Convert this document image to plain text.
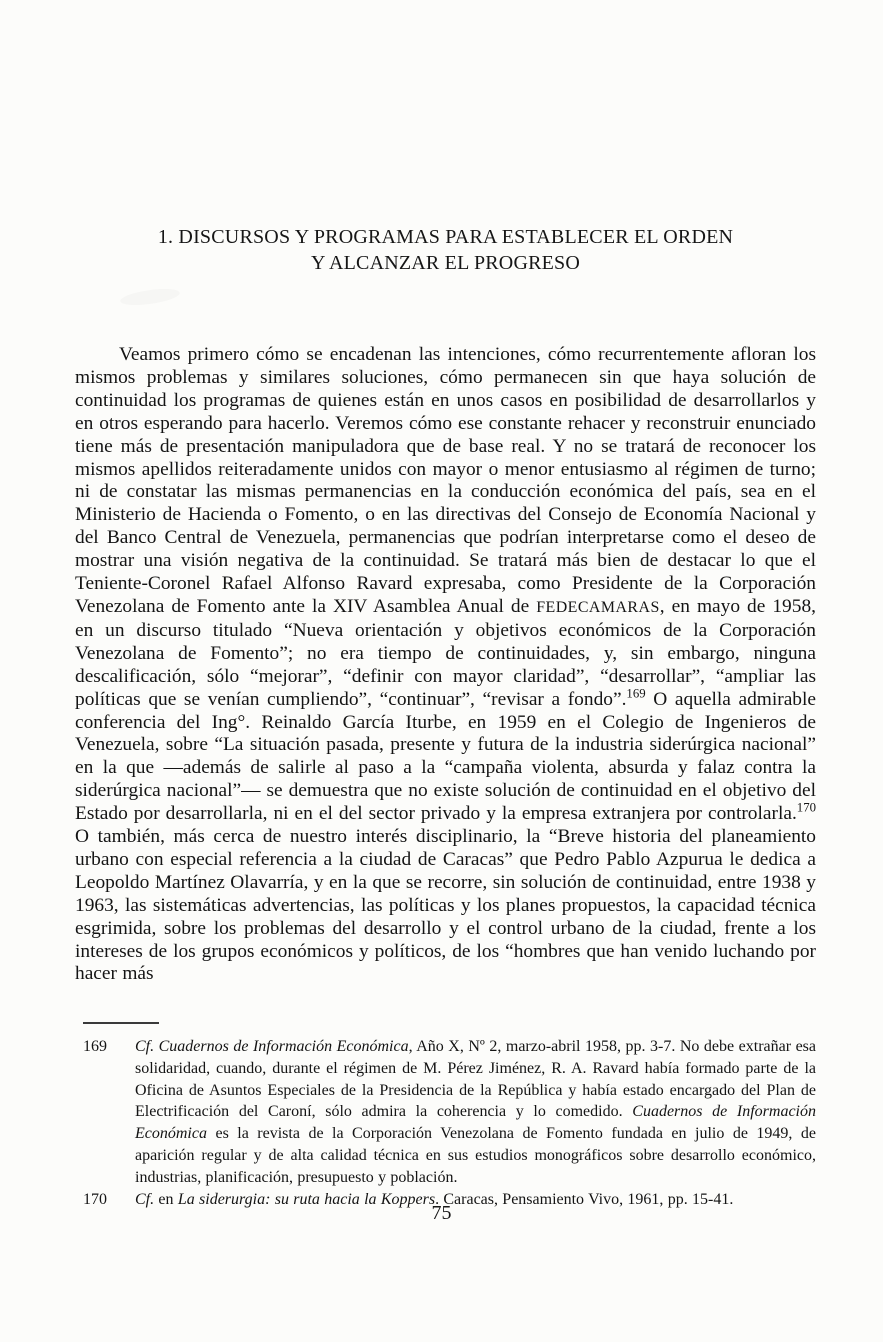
1. DISCURSOS Y PROGRAMAS PARA ESTABLECER EL ORDEN
Y ALCANZAR EL PROGRESO

Veamos primero cómo se encadenan las intenciones, cómo recurrentemente afloran los mismos problemas y similares soluciones, cómo permanecen sin que haya solución de continuidad los programas de quienes están en unos casos en posibilidad de desarrollarlos y en otros esperando para hacerlo. Veremos cómo ese constante rehacer y reconstruir enunciado tiene más de presentación manipuladora que de base real. Y no se tratará de reconocer los mismos apellidos reiteradamente unidos con mayor o menor entusiasmo al régimen de turno; ni de constatar las mismas permanencias en la conducción económica del país, sea en el Ministerio de Hacienda o Fomento, o en las directivas del Consejo de Economía Nacional y del Banco Central de Venezuela, permanencias que podrían interpretarse como el deseo de mostrar una visión negativa de la continuidad. Se tratará más bien de destacar lo que el Teniente-Coronel Rafael Alfonso Ravard expresaba, como Presidente de la Corporación Venezolana de Fomento ante la XIV Asamblea Anual de FEDECAMARAS, en mayo de 1958, en un discurso titulado “Nueva orientación y objetivos económicos de la Corporación Venezolana de Fomento”; no era tiempo de continuidades, y, sin embargo, ninguna descalificación, sólo “mejorar”, “definir con mayor claridad”, “desarrollar”, “ampliar las políticas que se venían cumpliendo”, “continuar”, “revisar a fondo”.$^{169}$ O aquella admirable conferencia del Ing°. Reinaldo García Iturbe, en 1959 en el Colegio de Ingenieros de Venezuela, sobre “La situación pasada, presente y futura de la industria siderúrgica nacional” en la que —además de salirle al paso a la “campaña violenta, absurda y falaz contra la siderúrgica nacional”— se demuestra que no existe solución de continuidad en el objetivo del Estado por desarrollarla, ni en el del sector privado y la empresa extranjera por controlarla.$^{170}$ O también, más cerca de nuestro interés disciplinario, la “Breve historia del planeamiento urbano con especial referencia a la ciudad de Caracas” que Pedro Pablo Azpurua le dedica a Leopoldo Martínez Olavarría, y en la que se recorre, sin solución de continuidad, entre 1938 y 1963, las sistemáticas advertencias, las políticas y los planes propuestos, la capacidad técnica esgrimida, sobre los problemas del desarrollo y el control urbano de la ciudad, frente a los intereses de los grupos económicos y políticos, de los “hombres que han venido luchando por hacer más

169	Cf. Cuadernos de Información Económica, Año X, Nº 2, marzo-abril 1958, pp. 3-7. No debe extrañar esa solidaridad, cuando, durante el régimen de M. Pérez Jiménez, R. A. Ravard había formado parte de la Oficina de Asuntos Especiales de la Presidencia de la República y había estado encargado del Plan de Electrificación del Caroní, sólo admira la coherencia y lo comedido. Cuadernos de Información Económica es la revista de la Corporación Venezolana de Fomento fundada en julio de 1949, de aparición regular y de alta calidad técnica en sus estudios monográficos sobre desarrollo económico, industrias, planificación, presupuesto y población.
170	Cf. en La siderurgia: su ruta hacia la Koppers. Caracas, Pensamiento Vivo, 1961, pp. 15-41.
75
